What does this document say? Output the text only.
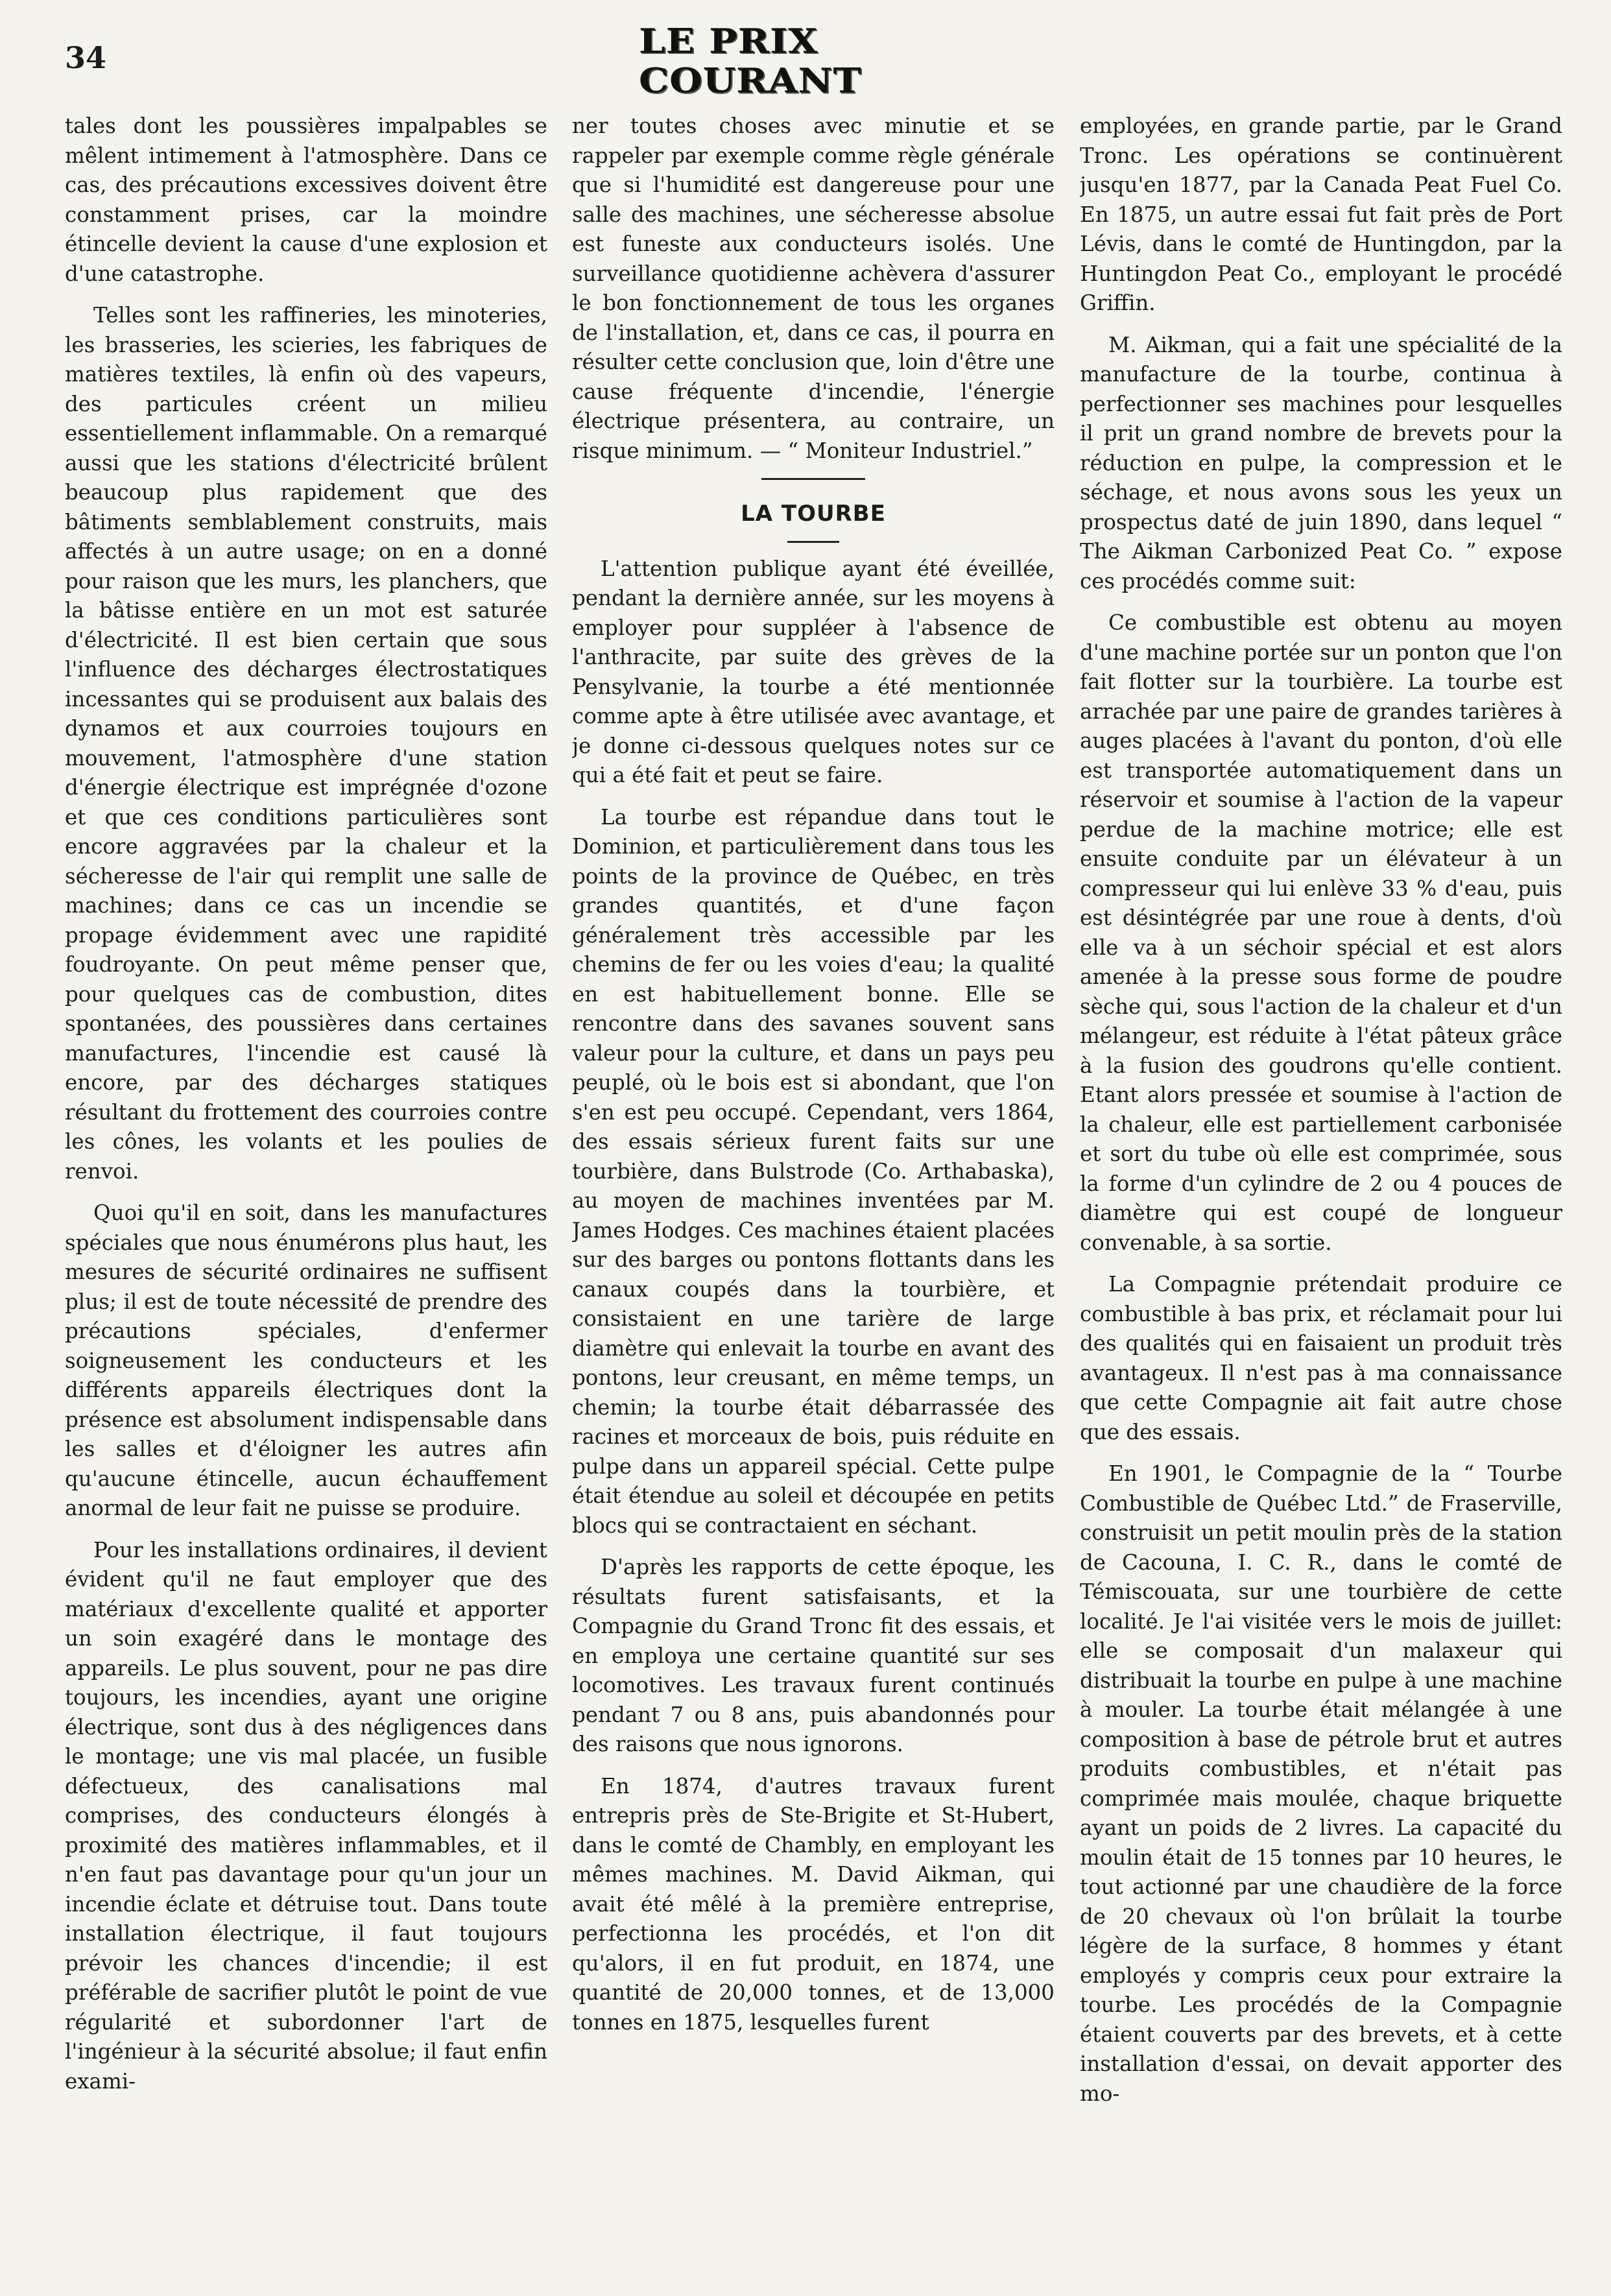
34	LE PRIX COURANT

tales dont les poussières impalpables se mêlent intimement à l'atmosphère. Dans ce cas, des précautions excessives doivent être constamment prises, car la moindre étincelle devient la cause d'une explosion et d'une catastrophe.

Telles sont les raffineries, les minoteries, les brasseries, les scieries, les fabriques de matières textiles, là enfin où des vapeurs, des particules créent un milieu essentiellement inflammable. On a remarqué aussi que les stations d'électricité brûlent beaucoup plus rapidement que des bâtiments semblablement construits, mais affectés à un autre usage; on en a donné pour raison que les murs, les planchers, que la bâtisse entière en un mot est saturée d'électricité. Il est bien certain que sous l'influence des décharges électrostatiques incessantes qui se produisent aux balais des dynamos et aux courroies toujours en mouvement, l'atmosphère d'une station d'énergie électrique est imprégnée d'ozone et que ces conditions particulières sont encore aggravées par la chaleur et la sécheresse de l'air qui remplit une salle de machines; dans ce cas un incendie se propage évidemment avec une rapidité foudroyante. On peut même penser que, pour quelques cas de combustion, dites spontanées, des poussières dans certaines manufactures, l'incendie est causé là encore, par des décharges statiques résultant du frottement des courroies contre les cônes, les volants et les poulies de renvoi.

Quoi qu'il en soit, dans les manufactures spéciales que nous énumérons plus haut, les mesures de sécurité ordinaires ne suffisent plus; il est de toute nécessité de prendre des précautions spéciales, d'enfermer soigneusement les conducteurs et les différents appareils électriques dont la présence est absolument indispensable dans les salles et d'éloigner les autres afin qu'aucune étincelle, aucun échauffement anormal de leur fait ne puisse se produire.

Pour les installations ordinaires, il devient évident qu'il ne faut employer que des matériaux d'excellente qualité et apporter un soin exagéré dans le montage des appareils. Le plus souvent, pour ne pas dire toujours, les incendies, ayant une origine électrique, sont dus à des négligences dans le montage; une vis mal placée, un fusible défectueux, des canalisations mal comprises, des conducteurs élongés à proximité des matières inflammables, et il n'en faut pas davantage pour qu'un jour un incendie éclate et détruise tout. Dans toute installation électrique, il faut toujours prévoir les chances d'incendie; il est préférable de sacrifier plutôt le point de vue régularité et subordonner l'art de l'ingénieur à la sécurité absolue; il faut enfin exami-

ner toutes choses avec minutie et se rappeler par exemple comme règle générale que si l'humidité est dangereuse pour une salle des machines, une sécheresse absolue est funeste aux conducteurs isolés. Une surveillance quotidienne achèvera d'assurer le bon fonctionnement de tous les organes de l'installation, et, dans ce cas, il pourra en résulter cette conclusion que, loin d'être une cause fréquente d'incendie, l'énergie électrique présentera, au contraire, un risque minimum. — “ Moniteur Industriel.”

LA TOURBE

L'attention publique ayant été éveillée, pendant la dernière année, sur les moyens à employer pour suppléer à l'absence de l'anthracite, par suite des grèves de la Pensylvanie, la tourbe a été mentionnée comme apte à être utilisée avec avantage, et je donne ci-dessous quelques notes sur ce qui a été fait et peut se faire.

La tourbe est répandue dans tout le Dominion, et particulièrement dans tous les points de la province de Québec, en très grandes quantités, et d'une façon généralement très accessible par les chemins de fer ou les voies d'eau; la qualité en est habituellement bonne. Elle se rencontre dans des savanes souvent sans valeur pour la culture, et dans un pays peu peuplé, où le bois est si abondant, que l'on s'en est peu occupé. Cependant, vers 1864, des essais sérieux furent faits sur une tourbière, dans Bulstrode (Co. Arthabaska), au moyen de machines inventées par M. James Hodges. Ces machines étaient placées sur des barges ou pontons flottants dans les canaux coupés dans la tourbière, et consistaient en une tarière de large diamètre qui enlevait la tourbe en avant des pontons, leur creusant, en même temps, un chemin; la tourbe était débarrassée des racines et morceaux de bois, puis réduite en pulpe dans un appareil spécial. Cette pulpe était étendue au soleil et découpée en petits blocs qui se contractaient en séchant.

D'après les rapports de cette époque, les résultats furent satisfaisants, et la Compagnie du Grand Tronc fit des essais, et en employa une certaine quantité sur ses locomotives. Les travaux furent continués pendant 7 ou 8 ans, puis abandonnés pour des raisons que nous ignorons.

En 1874, d'autres travaux furent entrepris près de Ste-Brigite et St-Hubert, dans le comté de Chambly, en employant les mêmes machines. M. David Aikman, qui avait été mêlé à la première entreprise, perfectionna les procédés, et l'on dit qu'alors, il en fut produit, en 1874, une quantité de 20,000 tonnes, et de 13,000 tonnes en 1875, lesquelles furent

employées, en grande partie, par le Grand Tronc. Les opérations se continuèrent jusqu'en 1877, par la Canada Peat Fuel Co. En 1875, un autre essai fut fait près de Port Lévis, dans le comté de Huntingdon, par la Huntingdon Peat Co., employant le procédé Griffin.

M. Aikman, qui a fait une spécialité de la manufacture de la tourbe, continua à perfectionner ses machines pour lesquelles il prit un grand nombre de brevets pour la réduction en pulpe, la compression et le séchage, et nous avons sous les yeux un prospectus daté de juin 1890, dans lequel “ The Aikman Carbonized Peat Co. ” expose ces procédés comme suit:

Ce combustible est obtenu au moyen d'une machine portée sur un ponton que l'on fait flotter sur la tourbière. La tourbe est arrachée par une paire de grandes tarières à auges placées à l'avant du ponton, d'où elle est transportée automatiquement dans un réservoir et soumise à l'action de la vapeur perdue de la machine motrice; elle est ensuite conduite par un élévateur à un compresseur qui lui enlève 33 % d'eau, puis est désintégrée par une roue à dents, d'où elle va à un séchoir spécial et est alors amenée à la presse sous forme de poudre sèche qui, sous l'action de la chaleur et d'un mélangeur, est réduite à l'état pâteux grâce à la fusion des goudrons qu'elle contient. Etant alors pressée et soumise à l'action de la chaleur, elle est partiellement carbonisée et sort du tube où elle est comprimée, sous la forme d'un cylindre de 2 ou 4 pouces de diamètre qui est coupé de longueur convenable, à sa sortie.

La Compagnie prétendait produire ce combustible à bas prix, et réclamait pour lui des qualités qui en faisaient un produit très avantageux. Il n'est pas à ma connaissance que cette Compagnie ait fait autre chose que des essais.

En 1901, le Compagnie de la “ Tourbe Combustible de Québec Ltd.” de Fraserville, construisit un petit moulin près de la station de Cacouna, I. C. R., dans le comté de Témiscouata, sur une tourbière de cette localité. Je l'ai visitée vers le mois de juillet: elle se composait d'un malaxeur qui distribuait la tourbe en pulpe à une machine à mouler. La tourbe était mélangée à une composition à base de pétrole brut et autres produits combustibles, et n'était pas comprimée mais moulée, chaque briquette ayant un poids de 2 livres. La capacité du moulin était de 15 tonnes par 10 heures, le tout actionné par une chaudière de la force de 20 chevaux où l'on brûlait la tourbe légère de la surface, 8 hommes y étant employés y compris ceux pour extraire la tourbe. Les procédés de la Compagnie étaient couverts par des brevets, et à cette installation d'essai, on devait apporter des mo-
